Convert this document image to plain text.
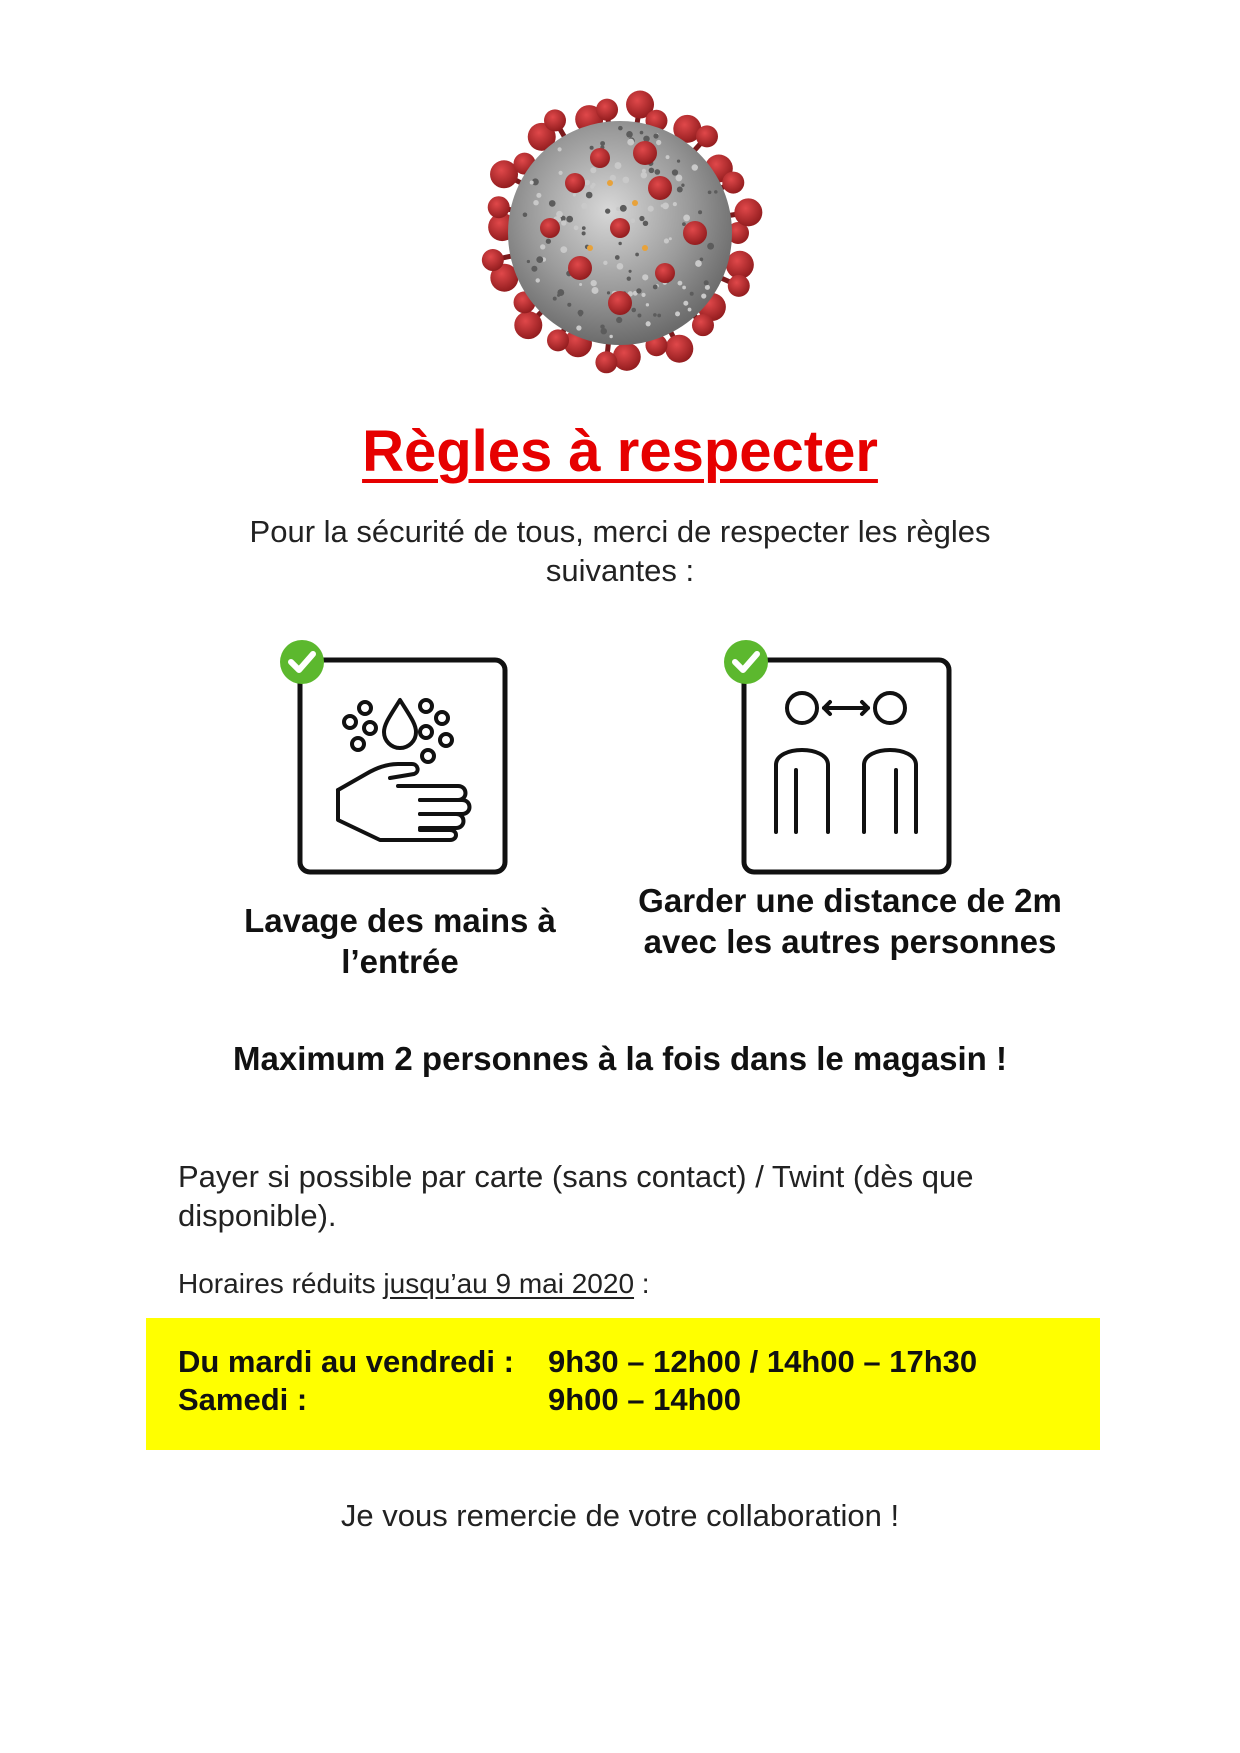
Règles à respecter
Pour la sécurité de tous, merci de respecter les règles suivantes :
Lavage des mains à l’entrée
Garder une distance de 2m avec les autres personnes
Maximum 2 personnes à la fois dans le magasin !
Payer si possible par carte (sans contact) / Twint (dès que disponible).
Horaires réduits jusqu’au 9 mai 2020 :
Du mardi au vendredi : 9h30 – 12h00 / 14h00 – 17h30
Samedi :	9h00 – 14h00
Je vous remercie de votre collaboration !
